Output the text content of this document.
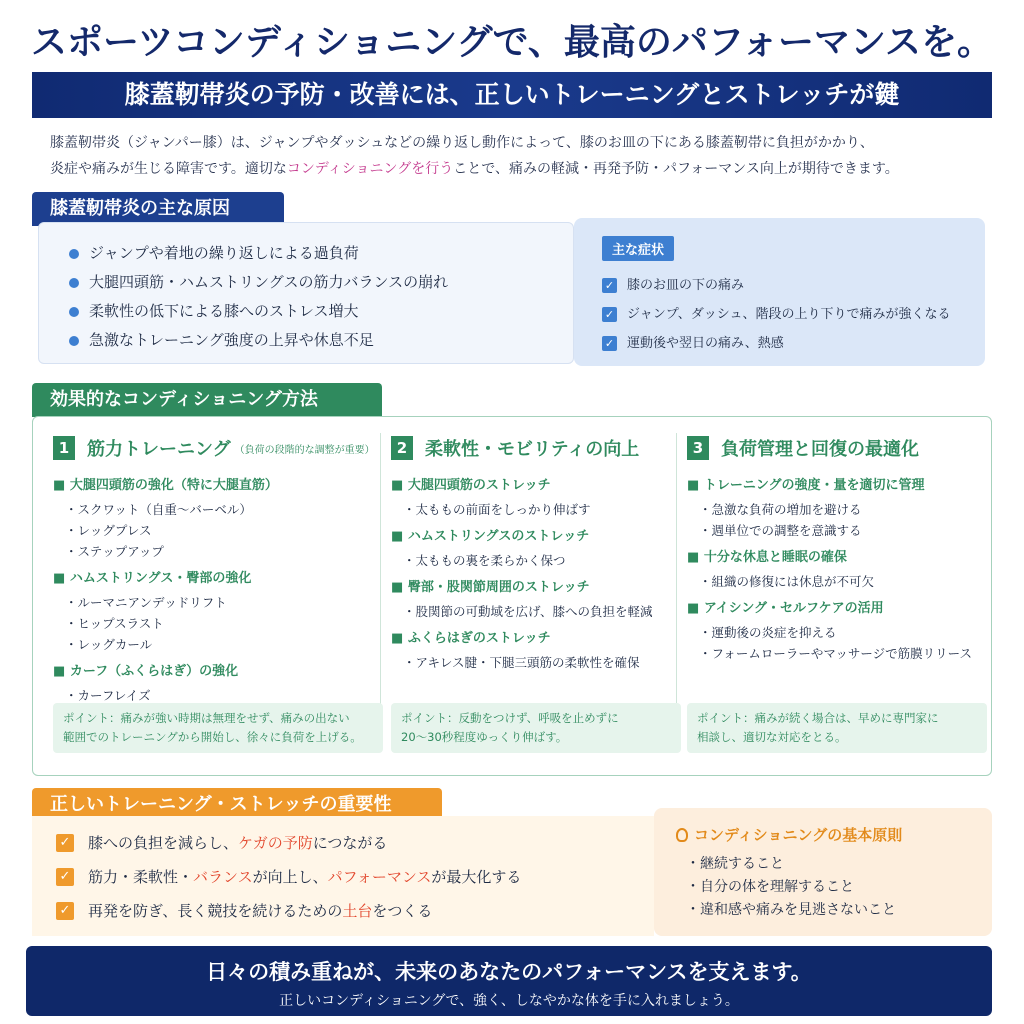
スポーツコンディショニングで、最高のパフォーマンスを。
膝蓋靭帯炎の予防・改善には、正しいトレーニングとストレッチが鍵
膝蓋靭帯炎（ジャンパー膝）は、ジャンプやダッシュなどの繰り返し動作によって、膝のお皿の下にある膝蓋靭帯に負担がかかり、
炎症や痛みが生じる障害です。適切なコンディショニングを行うことで、痛みの軽減・再発予防・パフォーマンス向上が期待できます。
膝蓋靭帯炎の主な原因
ジャンプや着地の繰り返しによる過負荷
大腿四頭筋・ハムストリングスの筋力バランスの崩れ
柔軟性の低下による膝へのストレス増大
急激なトレーニング強度の上昇や休息不足
主な症状
✓ 膝のお皿の下の痛み
✓ ジャンプ、ダッシュ、階段の上り下りで痛みが強くなる
✓ 運動後や翌日の痛み、熱感
効果的なコンディショニング方法
1 筋力トレーニング （負荷の段階的な調整が重要）
■ 大腿四頭筋の強化（特に大腿直筋）
・ スクワット（自重〜バーベル）
・ レッグプレス
・ ステップアップ
■ ハムストリングス・臀部の強化
・ ルーマニアンデッドリフト
・ ヒップスラスト
・ レッグカール
■ カーフ（ふくらはぎ）の強化
・ カーフレイズ
ポイント：痛みが強い時期は無理をせず、痛みの出ない
範囲でのトレーニングから開始し、徐々に負荷を上げる。
2 柔軟性・モビリティの向上
■ 大腿四頭筋のストレッチ
・ 太ももの前面をしっかり伸ばす
■ ハムストリングスのストレッチ
・ 太ももの裏を柔らかく保つ
■ 臀部・股関節周囲のストレッチ
・ 股関節の可動域を広げ、膝への負担を軽減
■ ふくらはぎのストレッチ
・ アキレス腱・下腿三頭筋の柔軟性を確保
ポイント：反動をつけず、呼吸を止めずに
20〜30秒程度ゆっくり伸ばす。
3 負荷管理と回復の最適化
■ トレーニングの強度・量を適切に管理
・ 急激な負荷の増加を避ける
・ 週単位での調整を意識する
■ 十分な休息と睡眠の確保
・ 組織の修復には休息が不可欠
■ アイシング・セルフケアの活用
・ 運動後の炎症を抑える
・ フォームローラーやマッサージで筋膜リリース
ポイント：痛みが続く場合は、早めに専門家に
相談し、適切な対応をとる。
正しいトレーニング・ストレッチの重要性
✓ 膝への負担を減らし、 ケガの予防 につながる
✓ 筋力・柔軟性・ バランス が向上し、 パフォーマンス が最大化する
✓ 再発を防ぎ、長く競技を続けるための 土台 をつくる
コンディショニングの基本原則
・ 継続すること
・ 自分の体を理解すること
・ 違和感や痛みを見逃さないこと
日々の積み重ねが、未来のあなたのパフォーマンスを支えます。
正しいコンディショニングで、強く、しなやかな体を手に入れましょう。
